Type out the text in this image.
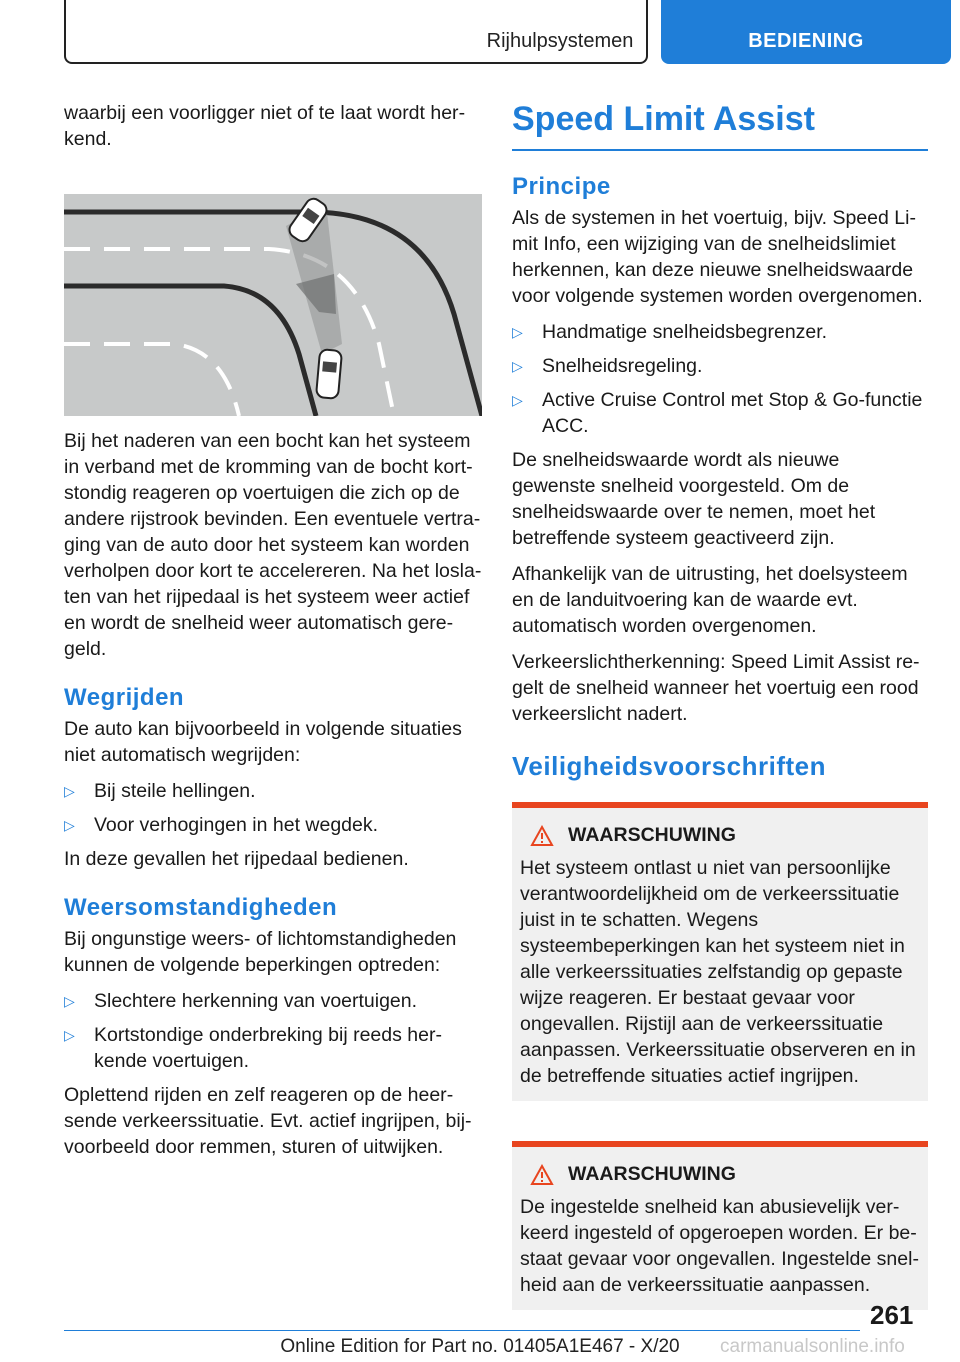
Rijhulpsystemen	BEDIENING

waarbij een voorligger niet of te laat wordt herkend.

Bij het naderen van een bocht kan het systeem in verband met de kromming van de bocht kortstondig reageren op voertuigen die zich op de andere rijstrook bevinden. Een eventuele vertraging van de auto door het systeem kan worden verholpen door kort te accelereren. Na het loslaten van het rijpedaal is het systeem weer actief en wordt de snelheid weer automatisch geregeld.

Wegrijden

De auto kan bijvoorbeeld in volgende situaties niet automatisch wegrijden:

▷ Bij steile hellingen.
▷ Voor verhogingen in het wegdek.

In deze gevallen het rijpedaal bedienen.

Weersomstandigheden

Bij ongunstige weers- of lichtomstandigheden kunnen de volgende beperkingen optreden:

▷ Slechtere herkenning van voertuigen.
▷ Kortstondige onderbreking bij reeds herkende voertuigen.

Oplettend rijden en zelf reageren op de heersende verkeerssituatie. Evt. actief ingrijpen, bijvoorbeeld door remmen, sturen of uitwijken.

Speed Limit Assist
Principe

Als de systemen in het voertuig, bijv. Speed Limit Info, een wijziging van de snelheidslimiet herkennen, kan deze nieuwe snelheidswaarde voor volgende systemen worden overgenomen.

▷ Handmatige snelheidsbegrenzer.
▷ Snelheidsregeling.
▷ Active Cruise Control met Stop & Go-functie ACC.

De snelheidswaarde wordt als nieuwe gewenste snelheid voorgesteld. Om de snelheidswaarde over te nemen, moet het betreffende systeem geactiveerd zijn.

Afhankelijk van de uitrusting, het doelsysteem en de landuitvoering kan de waarde evt. automatisch worden overgenomen.

Verkeerslichtherkenning: Speed Limit Assist regelt de snelheid wanneer het voertuig een rood verkeerslicht nadert.

Veiligheidsvoorschriften
WAARSCHUWING

Het systeem ontlast u niet van persoonlijke verantwoordelijkheid om de verkeerssituatie juist in te schatten. Wegens systeembeperkingen kan het systeem niet in alle verkeerssituaties zelfstandig op gepaste wijze reageren. Er bestaat gevaar voor ongevallen. Rijstijl aan de verkeerssituatie aanpassen. Verkeerssituatie observeren en in de betreffende situaties actief ingrijpen.

WAARSCHUWING

De ingestelde snelheid kan abusievelijk verkeerd ingesteld of opgeroepen worden. Er bestaat gevaar voor ongevallen. Ingestelde snelheid aan de verkeerssituatie aanpassen.

261
Online Edition for Part no. 01405A1E467 - X/20	carmanualsonline.info
